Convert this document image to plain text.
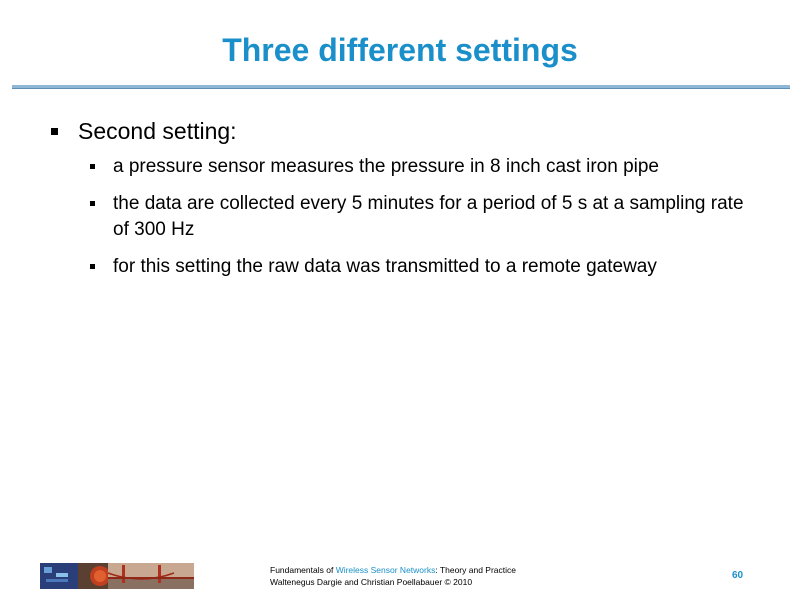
Three different settings
Second setting:
a pressure sensor measures the pressure in 8 inch cast iron pipe
the data are collected every 5 minutes for a period of 5 s at a sampling rate of 300 Hz
for this setting the raw data was transmitted to a remote gateway
Fundamentals of Wireless Sensor Networks: Theory and Practice
Waltenegus Dargie and Christian Poellabauer © 2010
60
